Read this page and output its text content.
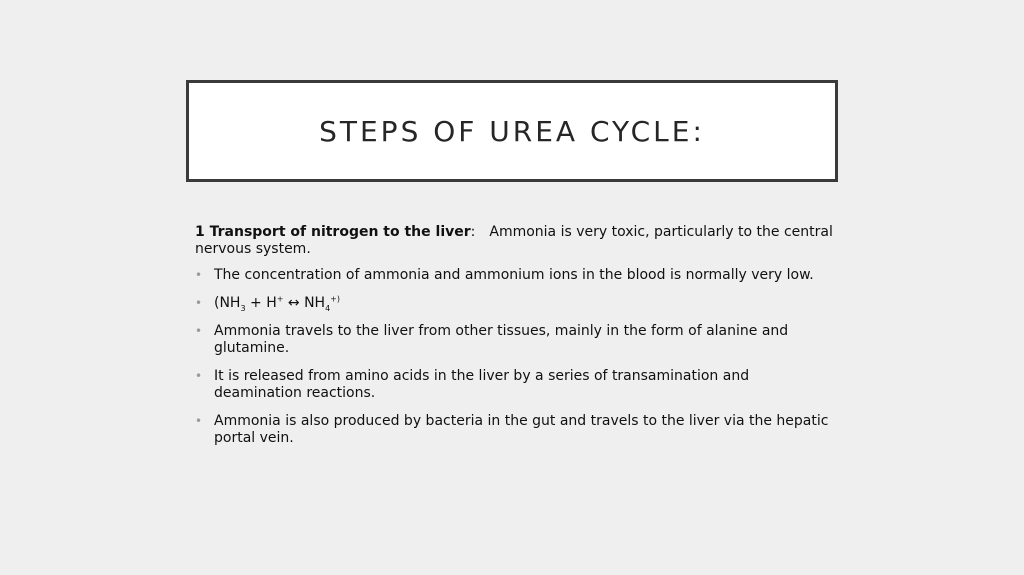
STEPS OF UREA CYCLE:

1 Transport of nitrogen to the liver: Ammonia is very toxic, particularly to the central nervous system.

• The concentration of ammonia and ammonium ions in the blood is normally very low.
• ($NH_3 + H^+$ ↔ $NH_4^{+)}$
• Ammonia travels to the liver from other tissues, mainly in the form of alanine and glutamine.
• It is released from amino acids in the liver by a series of transamination and deamination reactions.
• Ammonia is also produced by bacteria in the gut and travels to the liver via the hepatic portal vein.
